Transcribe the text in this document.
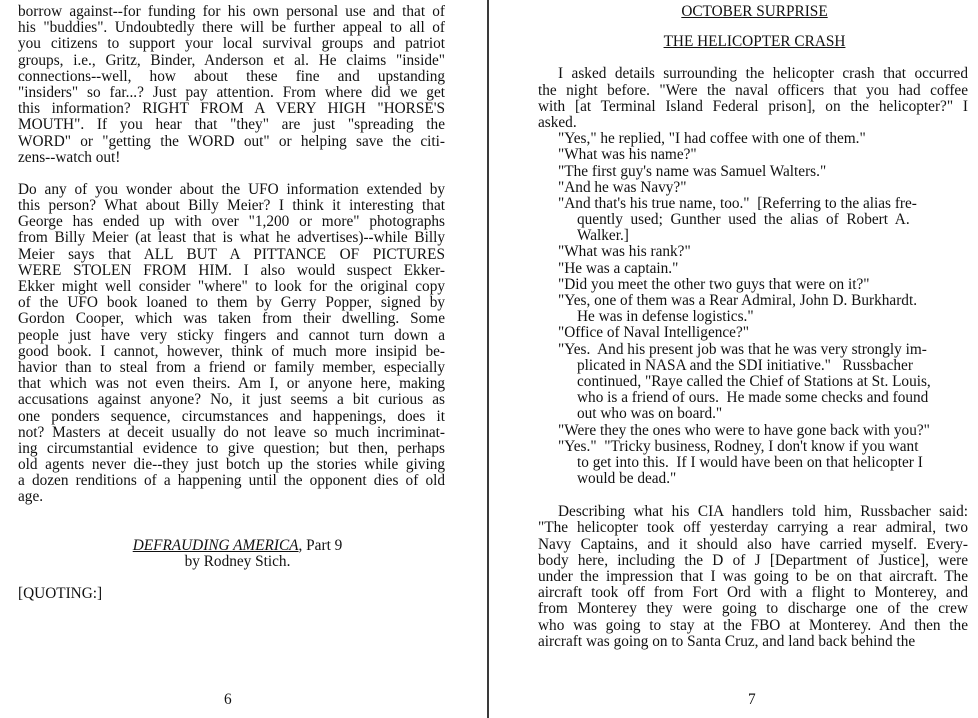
borrow against--for funding for his own personal use and that of
his "buddies". Undoubtedly there will be further appeal to all of
you citizens to support your local survival groups and patriot
groups, i.e., Gritz, Binder, Anderson et al. He claims "inside"
connections--well, how about these fine and upstanding
"insiders" so far...? Just pay attention. From where did we get
this information? RIGHT FROM A VERY HIGH "HORSE'S
MOUTH". If you hear that "they" are just "spreading the
WORD" or "getting the WORD out" or helping save the citi-
zens--watch out!
Do any of you wonder about the UFO information extended by
this person? What about Billy Meier? I think it interesting that
George has ended up with over "1,200 or more" photographs
from Billy Meier (at least that is what he advertises)--while Billy
Meier says that ALL BUT A PITTANCE OF PICTURES
WERE STOLEN FROM HIM. I also would suspect Ekker-
Ekker might well consider "where" to look for the original copy
of the UFO book loaned to them by Gerry Popper, signed by
Gordon Cooper, which was taken from their dwelling. Some
people just have very sticky fingers and cannot turn down a
good book. I cannot, however, think of much more insipid be-
havior than to steal from a friend or family member, especially
that which was not even theirs. Am I, or anyone here, making
accusations against anyone? No, it just seems a bit curious as
one ponders sequence, circumstances and happenings, does it
not? Masters at deceit usually do not leave so much incriminat-
ing circumstantial evidence to give question; but then, perhaps
old agents never die--they just botch up the stories while giving
a dozen renditions of a happening until the opponent dies of old
age.
DEFRAUDING AMERICA, Part 9
by Rodney Stich.
[QUOTING:]
6
OCTOBER SURPRISE
THE HELICOPTER CRASH
I asked details surrounding the helicopter crash that occurred
the night before. "Were the naval officers that you had coffee
with [at Terminal Island Federal prison], on the helicopter?" I
asked.
"Yes," he replied, "I had coffee with one of them."
"What was his name?"
"The first guy's name was Samuel Walters."
"And he was Navy?"
"And that's his true name, too."  [Referring to the alias fre-
quently  used;  Gunther  used  the  alias  of  Robert  A.
Walker.]
"What was his rank?"
"He was a captain."
"Did you meet the other two guys that were on it?"
"Yes, one of them was a Rear Admiral, John D. Burkhardt.
He was in defense logistics."
"Office of Naval Intelligence?"
"Yes.  And his present job was that he was very strongly im-
plicated in NASA and the SDI initiative."   Russbacher
continued, "Raye called the Chief of Stations at St. Louis,
who is a friend of ours.  He made some checks and found
out who was on board."
"Were they the ones who were to have gone back with you?"
"Yes."  "Tricky business, Rodney, I don't know if you want
to get into this.  If I would have been on that helicopter I
would be dead."
Describing what his CIA handlers told him, Russbacher said:
"The helicopter took off yesterday carrying a rear admiral, two
Navy Captains, and it should also have carried myself. Every-
body here, including the D of J [Department of Justice], were
under the impression that I was going to be on that aircraft. The
aircraft took off from Fort Ord with a flight to Monterey, and
from Monterey they were going to discharge one of the crew
who was going to stay at the FBO at Monterey. And then the
aircraft was going on to Santa Cruz, and land back behind the
7
